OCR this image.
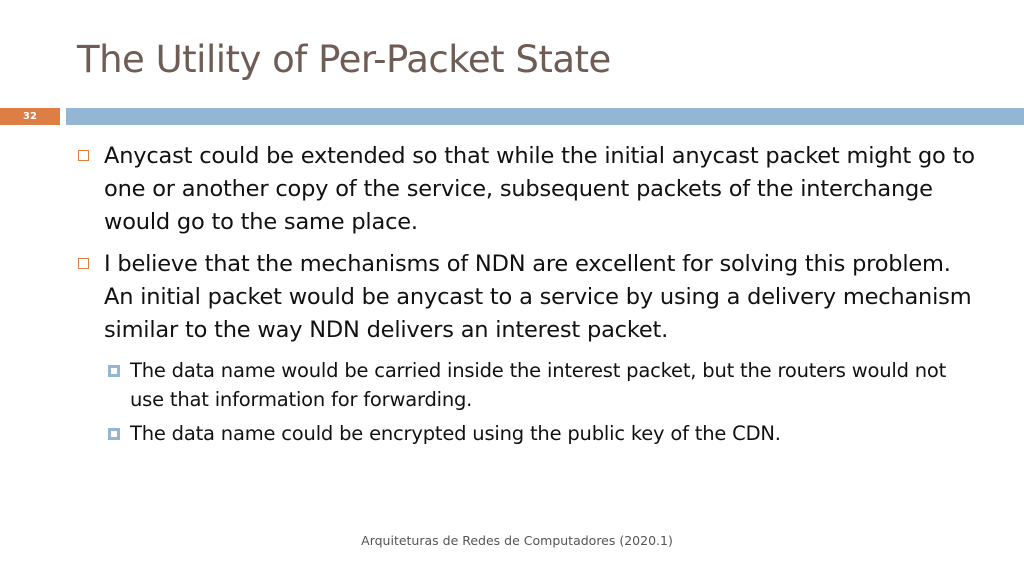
The Utility of Per-Packet State
32
Anycast could be extended so that while the initial anycast packet might go to one or another copy of the service, subsequent packets of the interchange would go to the same place.
I believe that the mechanisms of NDN are excellent for solving this problem. An initial packet would be anycast to a service by using a delivery mechanism similar to the way NDN delivers an interest packet.
The data name would be carried inside the interest packet, but the routers would not use that information for forwarding.
The data name could be encrypted using the public key of the CDN.
Arquiteturas de Redes de Computadores (2020.1)
